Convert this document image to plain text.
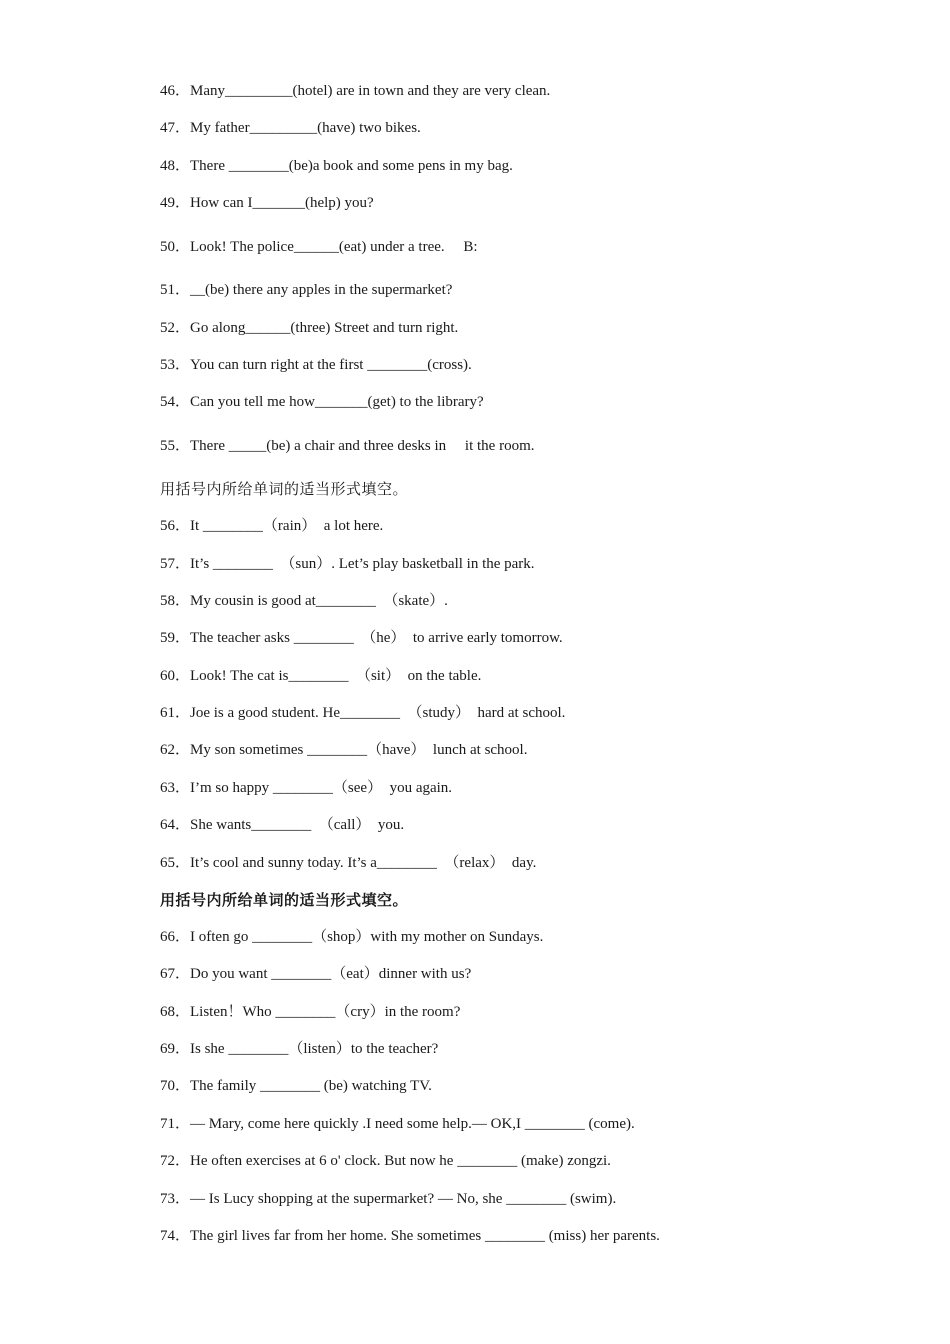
46．Many_________(hotel) are in town and they are very clean.
47．My father_________(have) two bikes.
48．There ________(be)a book and some pens in my bag.
49．How can I_______(help) you?
50．Look! The police______(eat) under a tree.     B:
51．__(be) there any apples in the supermarket?
52．Go along______(three) Street and turn right.
53．You can turn right at the first ________(cross).
54．Can you tell me how_______(get) to the library?
55．There _____(be) a chair and three desks in     it the room.
用括号内所给单词的适当形式填空。
56．It ________（rain）  a lot here.
57．It’s ________  （sun）. Let’s play basketball in the park.
58．My cousin is good at________  （skate）.
59．The teacher asks ________  （he）  to arrive early tomorrow.
60．Look! The cat is________  （sit）  on the table.
61．Joe is a good student. He________  （study）  hard at school.
62．My son sometimes ________（have）  lunch at school.
63．I’m so happy ________（see）  you again.
64．She wants________  （call）  you.
65．It’s cool and sunny today. It’s a________  （relax）  day.
用括号内所给单词的适当形式填空。
66．I often go ________（shop）with my mother on Sundays.
67．Do you want ________（eat）dinner with us?
68．Listen！Who ________（cry）in the room?
69．Is she ________（listen）to the teacher?
70．The family ________ (be) watching TV.
71．— Mary, come here quickly .I need some help.— OK,I ________ (come).
72．He often exercises at 6 o' clock. But now he ________ (make) zongzi.
73．— Is Lucy shopping at the supermarket? — No, she ________ (swim).
74．The girl lives far from her home. She sometimes ________ (miss) her parents.
